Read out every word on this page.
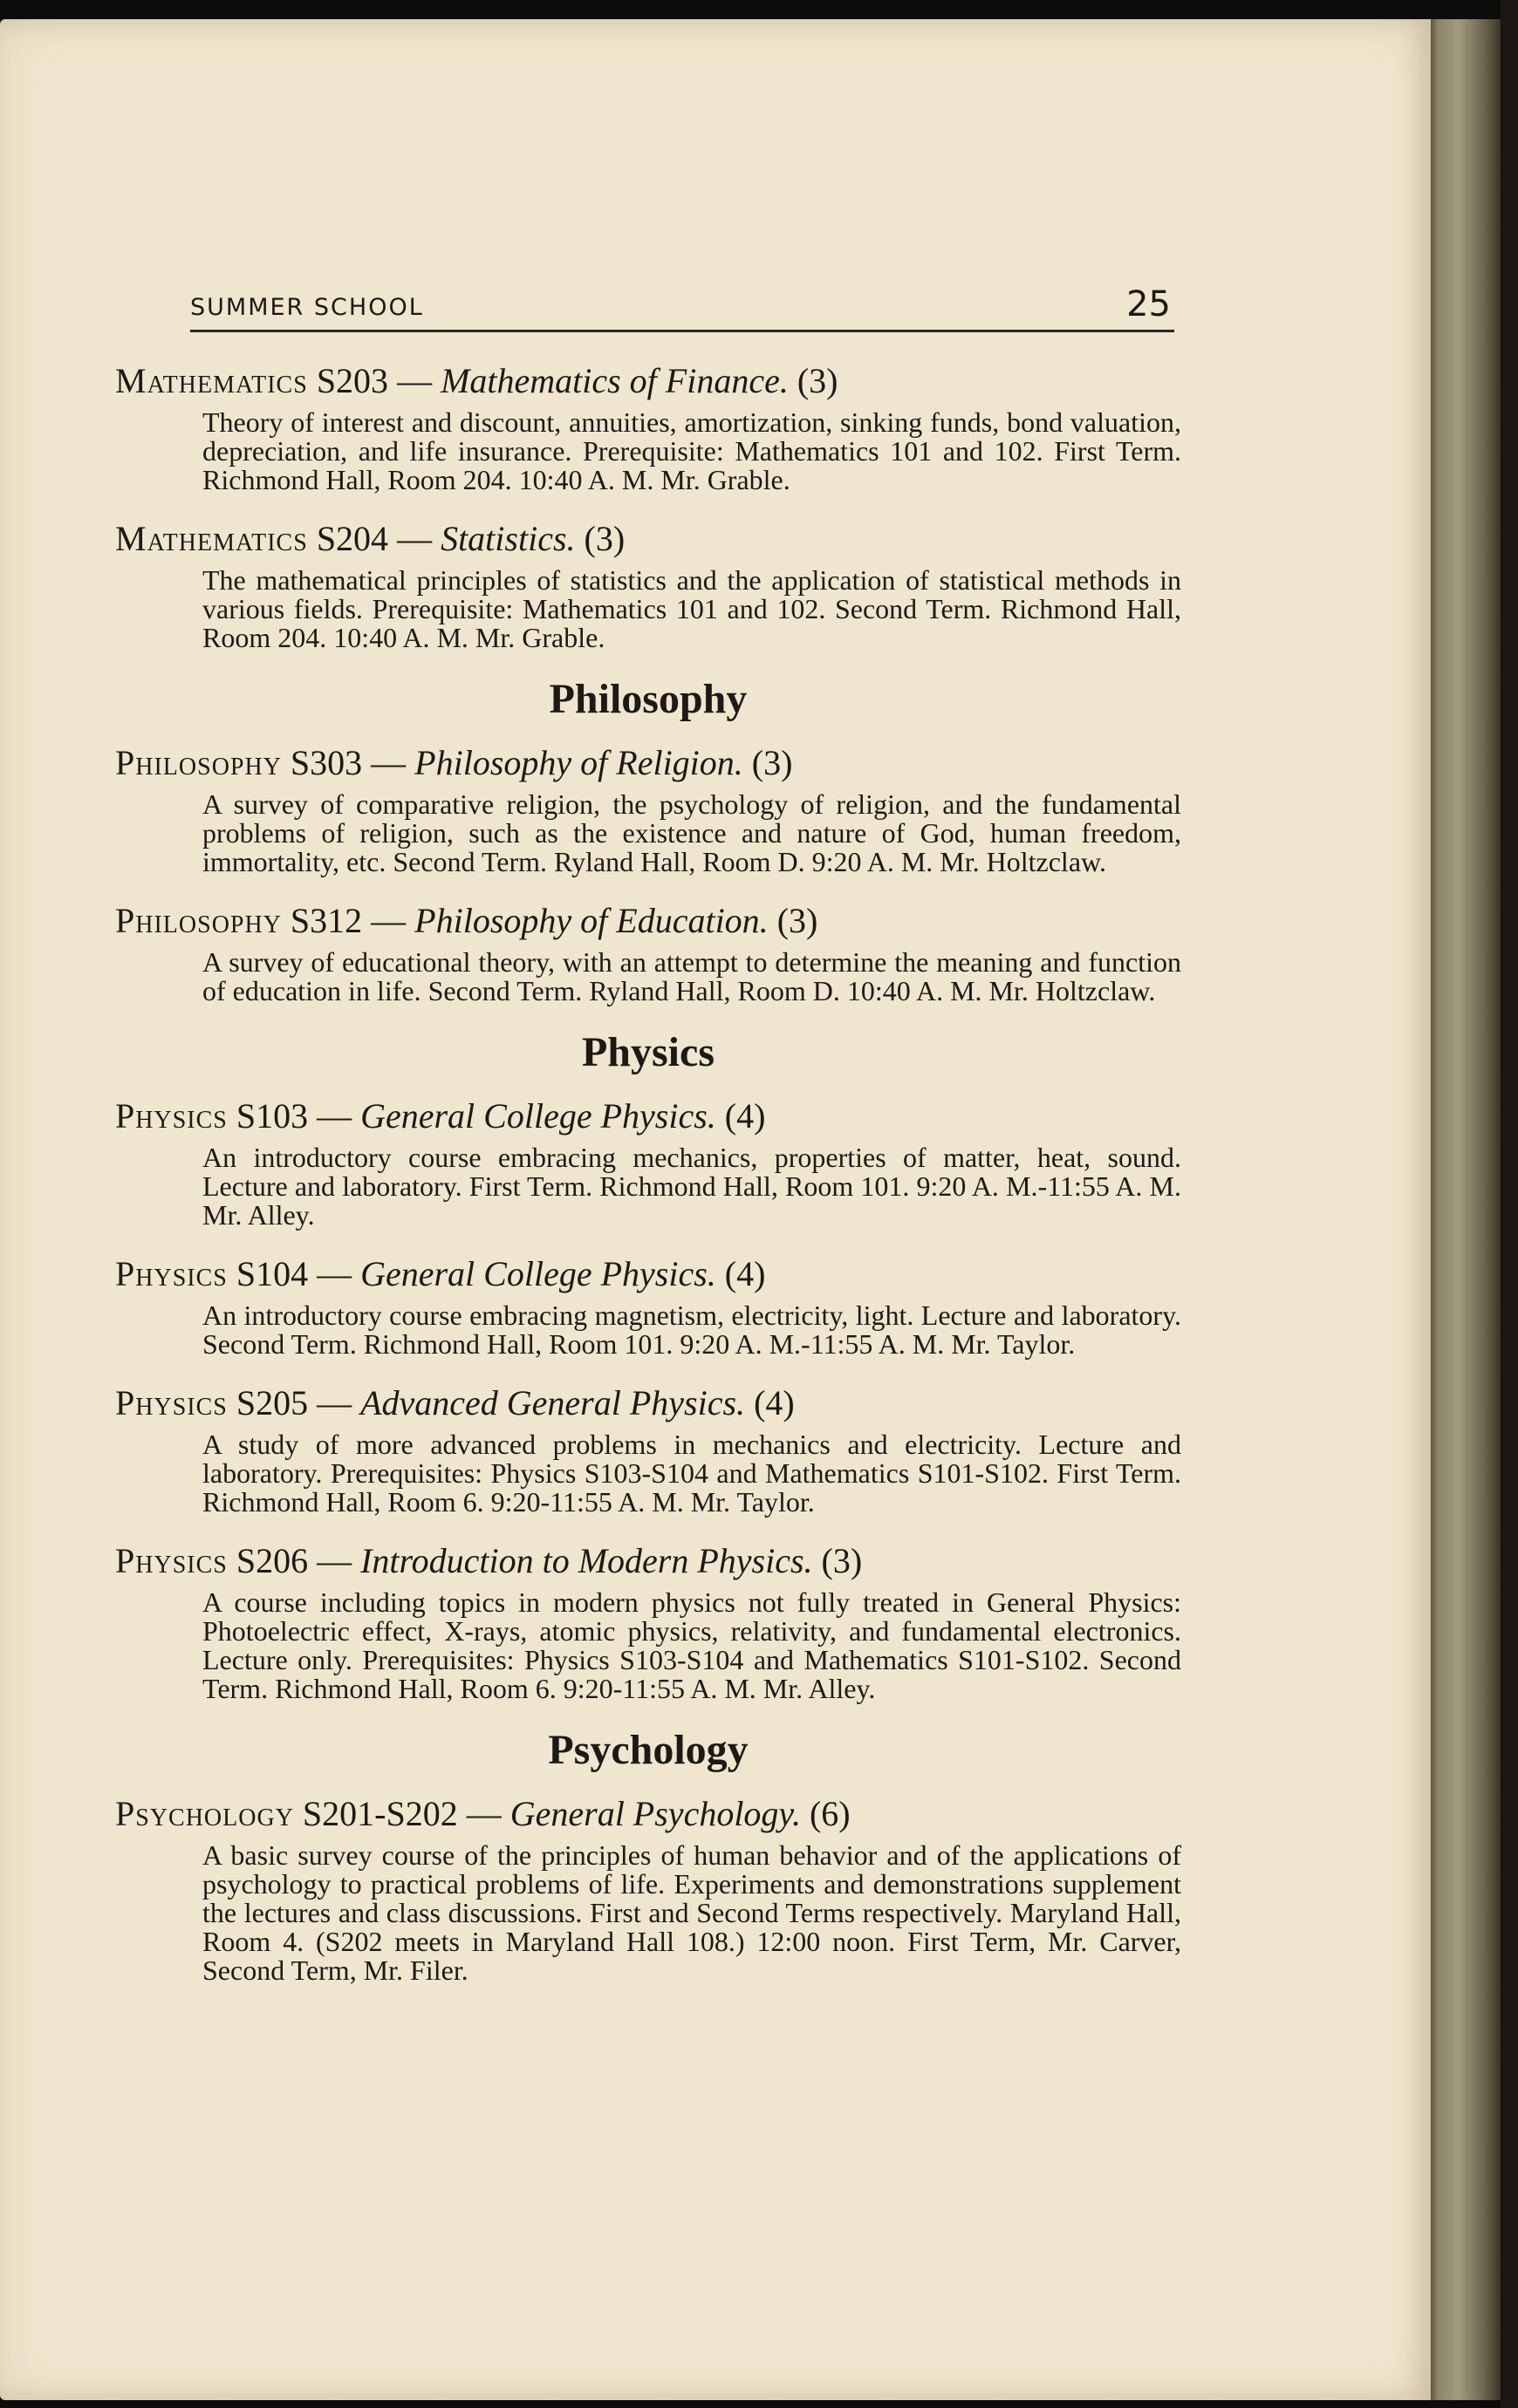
SUMMER SCHOOL	25

Mathematics S203 — Mathematics of Finance. (3)

Theory of interest and discount, annuities, amortization, sinking funds, bond valuation, depreciation, and life insurance. Prerequisite: Mathematics 101 and 102. First Term. Richmond Hall, Room 204. 10:40 A. M. Mr. Grable.

Mathematics S204 — Statistics. (3)

The mathematical principles of statistics and the application of statistical methods in various fields. Prerequisite: Mathematics 101 and 102. Second Term. Richmond Hall, Room 204. 10:40 A. M. Mr. Grable.

Philosophy

Philosophy S303 — Philosophy of Religion. (3)

A survey of comparative religion, the psychology of religion, and the fundamental problems of religion, such as the existence and nature of God, human freedom, immortality, etc. Second Term. Ryland Hall, Room D. 9:20 A. M. Mr. Holtzclaw.

Philosophy S312 — Philosophy of Education. (3)

A survey of educational theory, with an attempt to determine the meaning and function of education in life. Second Term. Ryland Hall, Room D. 10:40 A. M. Mr. Holtzclaw.

Physics

Physics S103 — General College Physics. (4)

An introductory course embracing mechanics, properties of matter, heat, sound. Lecture and laboratory. First Term. Richmond Hall, Room 101. 9:20 A. M.-11:55 A. M. Mr. Alley.

Physics S104 — General College Physics. (4)

An introductory course embracing magnetism, electricity, light. Lecture and laboratory. Second Term. Richmond Hall, Room 101. 9:20 A. M.-11:55 A. M. Mr. Taylor.

Physics S205 — Advanced General Physics. (4)

A study of more advanced problems in mechanics and electricity. Lecture and laboratory. Prerequisites: Physics S103-S104 and Mathematics S101-S102. First Term. Richmond Hall, Room 6. 9:20-11:55 A. M. Mr. Taylor.

Physics S206 — Introduction to Modern Physics. (3)

A course including topics in modern physics not fully treated in General Physics: Photoelectric effect, X-rays, atomic physics, relativity, and fundamental electronics. Lecture only. Prerequisites: Physics S103-S104 and Mathematics S101-S102. Second Term. Richmond Hall, Room 6. 9:20-11:55 A. M. Mr. Alley.

Psychology

Psychology S201-S202 — General Psychology. (6)

A basic survey course of the principles of human behavior and of the applications of psychology to practical problems of life. Experiments and demonstrations supplement the lectures and class discussions. First and Second Terms respectively. Maryland Hall, Room 4. (S202 meets in Maryland Hall 108.) 12:00 noon. First Term, Mr. Carver, Second Term, Mr. Filer.
